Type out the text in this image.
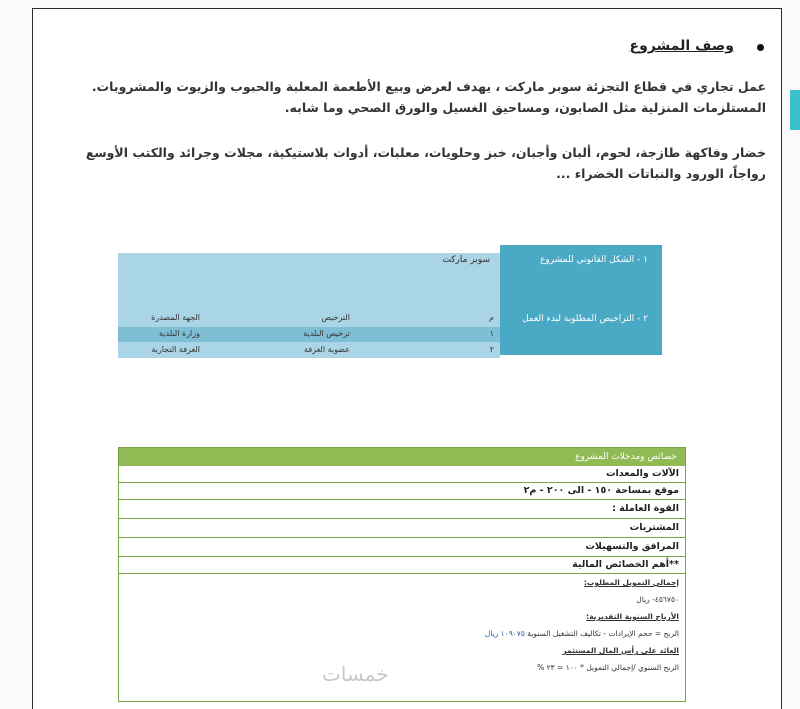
وصف المشروع
عمل تجاري في قطاع التجزئة سوبر ماركت ، يهدف لعرض وبيع الأطعمة المعلبة والحبوب والزيوت والمشروبات. المستلزمات المنزلية مثل الصابون، ومساحيق الغسيل والورق الصحي وما شابه.
خضار وفاكهة طازجة، لحوم، ألبان وأجبان، خبز وحلويات، معلبات، أدوات بلاستيكية، مجلات وجرائد والكتب الأوسع رواجاً، الورود والنباتات الخضراء ...
١ - الشكل القانوني للمشروع
٢ - التراخيص المطلوبة لبدء العمل
سوبر ماركت
م
الترخيص
الجهة المصدرة
١
ترخيص البلدية
وزارة البلدية
٢
عضوية الغرفة
الغرفة التجارية
خصائص ومدخلات المشروع
الآلات والمعدات
موقع بمساحة ١٥٠ - الى ٢٠٠ - م٢
القوة العاملة :
المشتريات
المرافق والتسهيلات
**أهم الخصائص المالية
إجمالي التمويل المطلوب:
٤٥٦٧٥٠- ريال
الأرباح السنوية التقديرية:
الربح = حجم الإيرادات - تكاليف التشغيل السنوية ١٠٩٠٧٥ ريال
العائد على رأس المال المستثمر
الربح السنوي /إجمالي التمويل * ١٠٠ = ٢٣ %
خمسات
